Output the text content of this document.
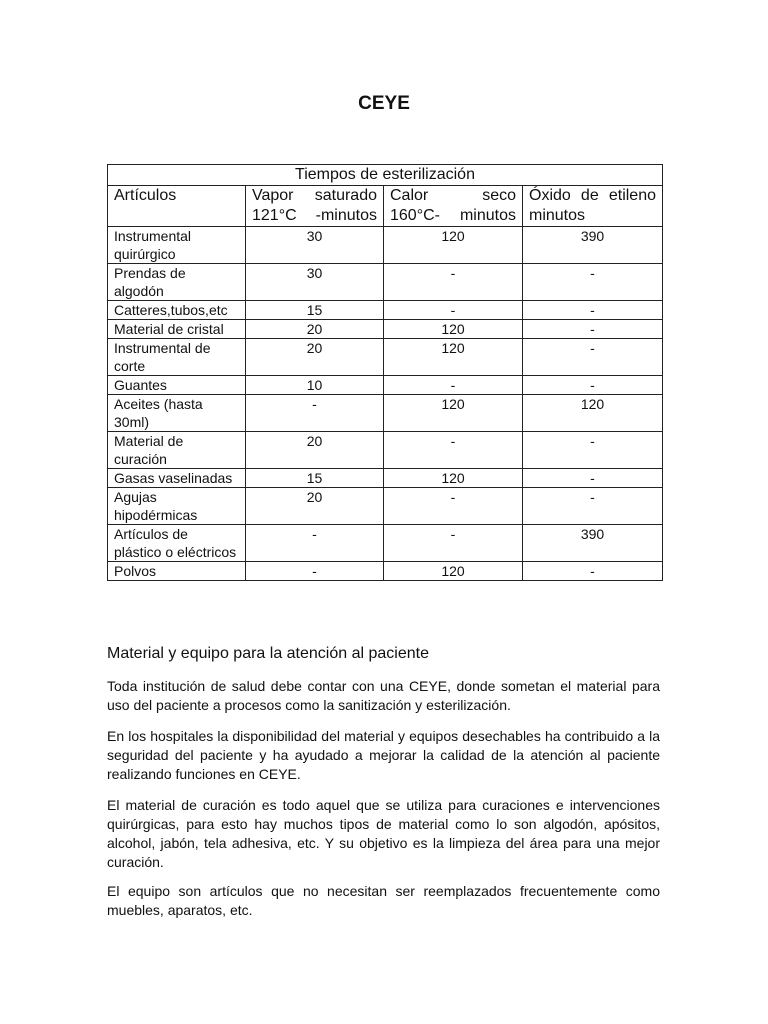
CEYE
Tiempos de esterilización			
Artículos	Vapor saturado 121°C -minutos	Calor seco 160°C- minutos	Óxido de etileno minutos
Instrumental quirúrgico	30	120	390
Prendas de algodón	30	-	-
Catteres,tubos,etc	15	-	-
Material de cristal	20	120	-
Instrumental de corte	20	120	-
Guantes	10	-	-
Aceites (hasta 30ml)	-	120	120
Material de curación	20	-	-
Gasas vaselinadas	15	120	-
Agujas hipodérmicas	20	-	-
Artículos de plástico o eléctricos	-	-	390
Polvos	-	120	-
Material y equipo para la atención al paciente

Toda institución de salud debe contar con una CEYE, donde sometan el material para uso del paciente a procesos como la sanitización y esterilización.

En los hospitales la disponibilidad del material y equipos desechables ha contribuido a la seguridad del paciente y ha ayudado a mejorar la calidad de la atención al paciente realizando funciones en CEYE.

El material de curación es todo aquel que se utiliza para curaciones e intervenciones quirúrgicas, para esto hay muchos tipos de material como lo son algodón, apósitos, alcohol, jabón, tela adhesiva, etc. Y su objetivo es la limpieza del área para una mejor curación.

El equipo son artículos que no necesitan ser reemplazados frecuentemente como muebles, aparatos, etc.
